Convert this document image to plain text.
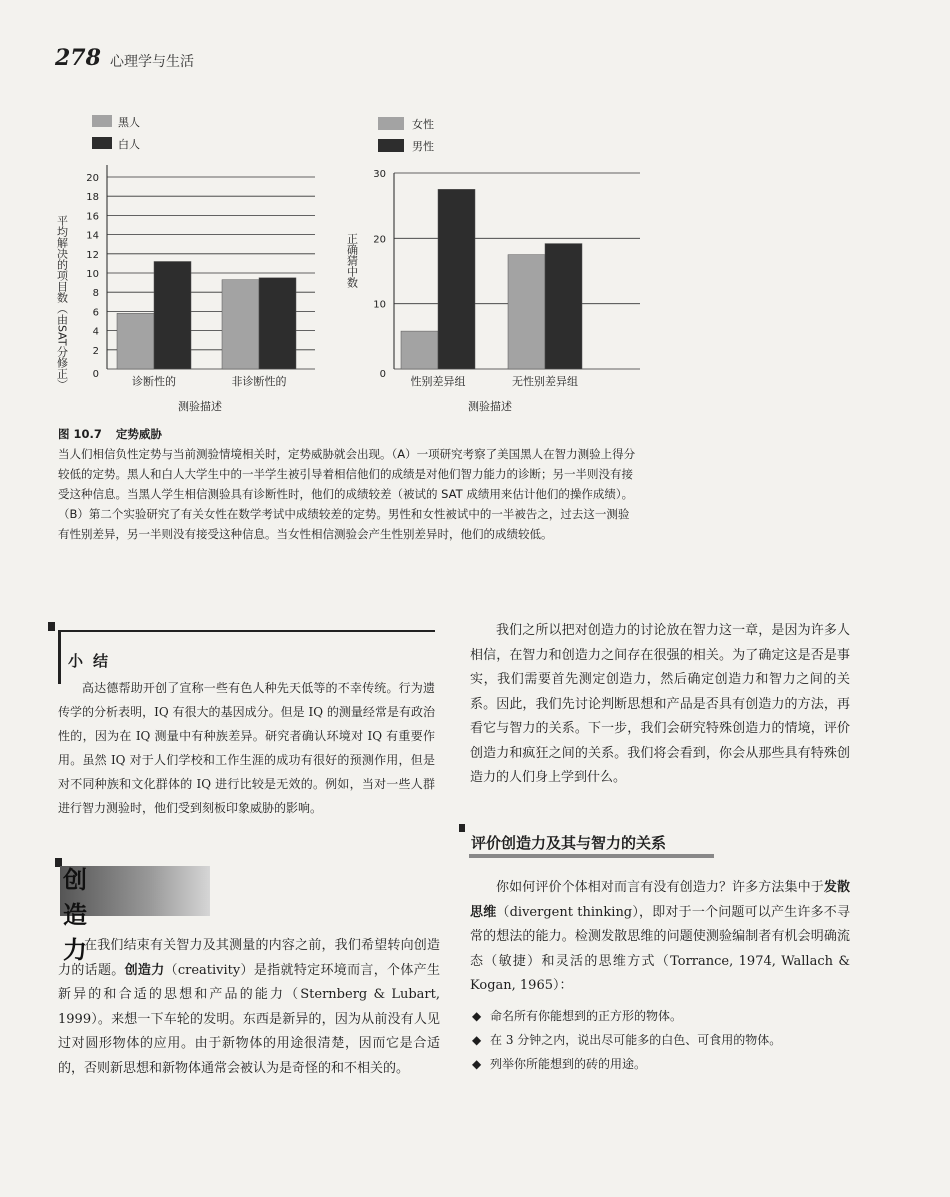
278 心理学与生活
黑人
白人
0
2
4
6
8
10
12
14
16
18
20
诊断性的	非诊断性的
平均解决的项目数（由SAT分修正）
测验描述
女性
男性
0
10
20
30
性别差异组	无性别差异组
正确猜中数
测验描述
图 10.7 定势威胁
当人们相信负性定势与当前测验情境相关时，定势威胁就会出现。（A）一项研究考察了美国黑人在智力测验上得分较低的定势。黑人和白人大学生中的一半学生被引导着相信他们的成绩是对他们智力能力的诊断；另一半则没有接受这种信息。当黑人学生相信测验具有诊断性时，他们的成绩较差（被试的 SAT 成绩用来估计他们的操作成绩）。（B）第二个实验研究了有关女性在数学考试中成绩较差的定势。男性和女性被试中的一半被告之，过去这一测验有性别差异，另一半则没有接受这种信息。当女性相信测验会产生性别差异时，他们的成绩较低。
小结
高达德帮助开创了宣称一些有色人种先天低等的不幸传统。行为遗传学的分析表明，IQ 有很大的基因成分。但是 IQ 的测量经常是有政治性的，因为在 IQ 测量中有种族差异。研究者确认环境对 IQ 有重要作用。虽然 IQ 对于人们学校和工作生涯的成功有很好的预测作用，但是对不同种族和文化群体的 IQ 进行比较是无效的。例如，当对一些人群进行智力测验时，他们受到刻板印象威胁的影响。
创造力
在我们结束有关智力及其测量的内容之前，我们希望转向创造力的话题。创造力（creativity）是指就特定环境而言，个体产生新异的和合适的思想和产品的能力（Sternberg & Lubart, 1999）。来想一下车轮的发明。东西是新异的，因为从前没有人见过对圆形物体的应用。由于新物体的用途很清楚，因而它是合适的，否则新思想和新物体通常会被认为是奇怪的和不相关的。
我们之所以把对创造力的讨论放在智力这一章，是因为许多人相信，在智力和创造力之间存在很强的相关。为了确定这是否是事实，我们需要首先测定创造力，然后确定创造力和智力之间的关系。因此，我们先讨论判断思想和产品是否具有创造力的方法，再看它与智力的关系。下一步，我们会研究特殊创造力的情境，评价创造力和疯狂之间的关系。我们将会看到，你会从那些具有特殊创造力的人们身上学到什么。
评价创造力及其与智力的关系
你如何评价个体相对而言有没有创造力？许多方法集中于发散思维（divergent thinking），即对于一个问题可以产生许多不寻常的想法的能力。检测发散思维的问题使测验编制者有机会明确流态（敏捷）和灵活的思维方式（Torrance, 1974, Wallach & Kogan, 1965）：
◆ 命名所有你能想到的正方形的物体。
◆ 在 3 分钟之内，说出尽可能多的白色、可食用的物体。
◆ 列举你所能想到的砖的用途。
